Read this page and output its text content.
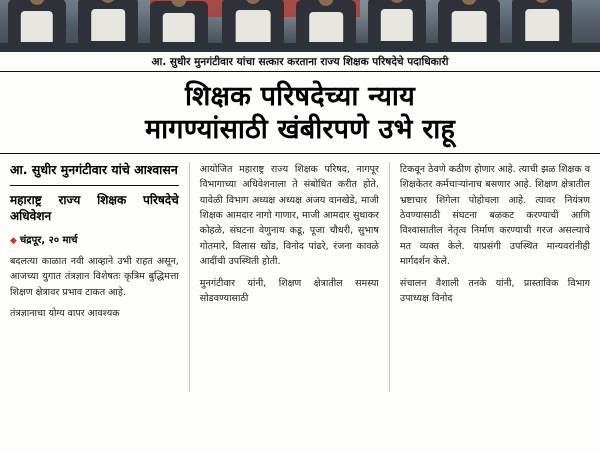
आ. सुधीर मुनगंटीवार यांचा सत्कार करताना राज्य शिक्षक परिषदेचे पदाधिकारी
शिक्षक परिषदेच्या न्याय
मागण्यांसाठी खंबीरपणे उभे राहू
आ. सुधीर मुनगंटीवार यांचे आश्वासन
महाराष्ट्र राज्य शिक्षक परिषदेचे अधिवेशन
◆ चंद्रपूर, २० मार्च

बदलत्या काळात नवी आव्हाने उभी राहत असून, आजच्या युगात तंत्रज्ञान विशेषतः कृत्रिम बुद्धिमत्ता शिक्षण क्षेत्रावर प्रभाव टाकत आहे.

तंत्रज्ञानाचा योग्य वापर आवश्यक

आयोजित महाराष्ट्र राज्य शिक्षक परिषद, नागपूर विभागाच्या अधिवेशनाला ते संबोधित करीत होते. यावेळी विभाग अध्यक्ष अध्यक्ष अजय वानखेडे, माजी शिक्षक आमदार नागो गाणार, माजी आमदार सुधाकर कोहळे, संघटना वेणुनाथ कडू, पूजा चौधरी, सुभाष गोतमारे, विलास खोंड, विनोद पांढरे, रंजना कावळे आदींची उपस्थिती होती.

मुनगंटीवार यांनी, शिक्षण क्षेत्रातील समस्या सोडवण्यासाठी

टिकवून ठेवणे कठीण होणार आहे. त्याची झळ शिक्षक व शिक्षकेतर कर्मचाऱ्यांनाच बसणार आहे. शिक्षण क्षेत्रातील भ्रष्टाचार शिगेला पोहोचला आहे. त्यावर नियंत्रण ठेवण्यासाठी संघटना बळकट करण्याची आणि विश्वासातील नेतृत्व निर्माण करण्याची गरज असल्याचे मत व्यक्त केले. याप्रसंगी उपस्थित मान्यवरांनीही मार्गदर्शन केले.

संचालन वैशाली तनके यांनी, प्रास्ताविक विभाग उपाध्यक्ष विनोद
